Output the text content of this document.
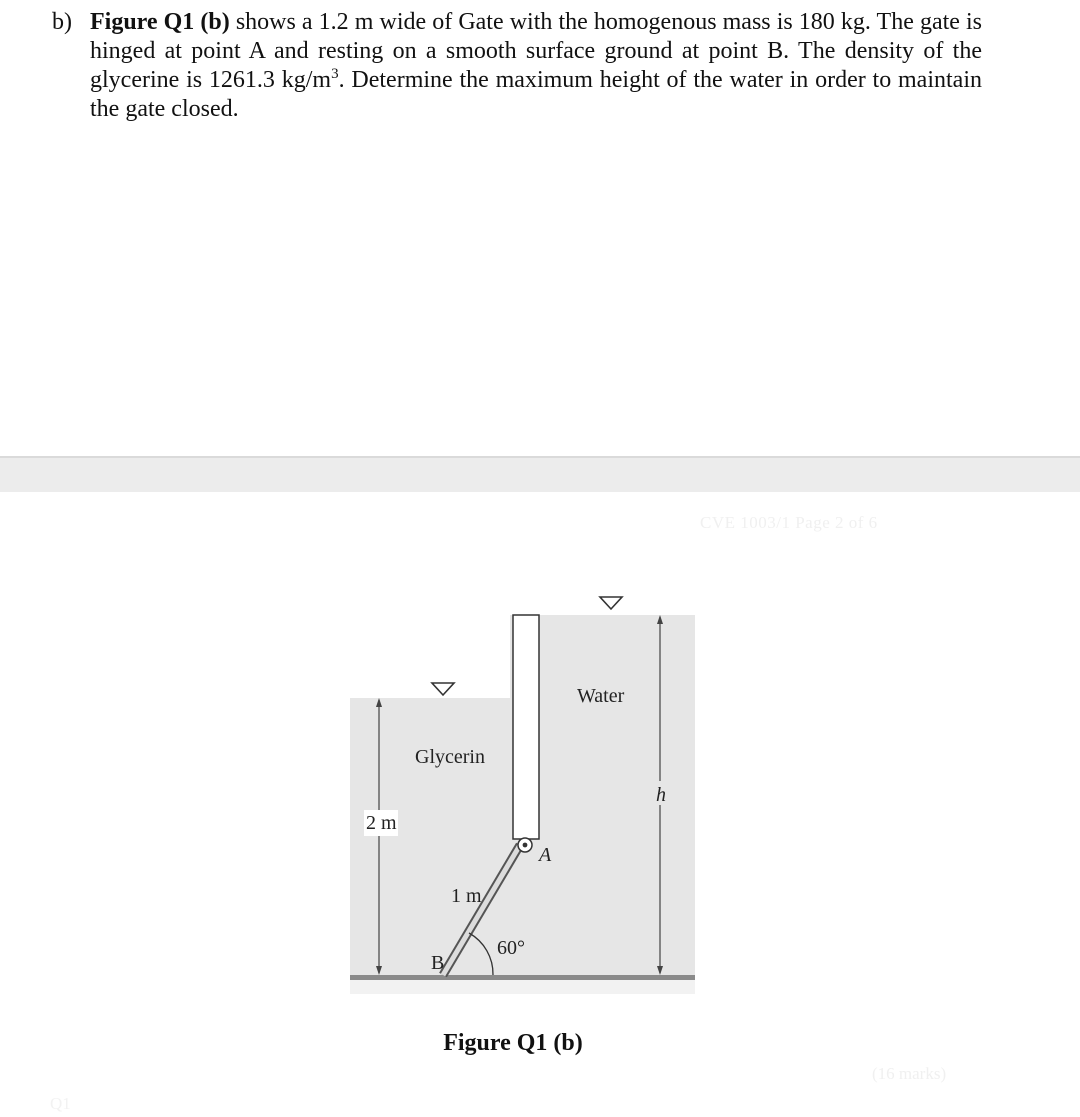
b) Figure Q1 (b) shows a 1.2 m wide of Gate with the homogenous mass is 180 kg. The gate is hinged at point A and resting on a smooth surface ground at point B. The density of the glycerine is 1261.3 $kg/m^3$. Determine the maximum height of the water in order to maintain the gate closed.
CVE 1003/1 Page 2 of 6
Water
Glycerin
2 m
1 m
60°
A
B
h
Figure Q1 (b)
(16 marks)
Q1
